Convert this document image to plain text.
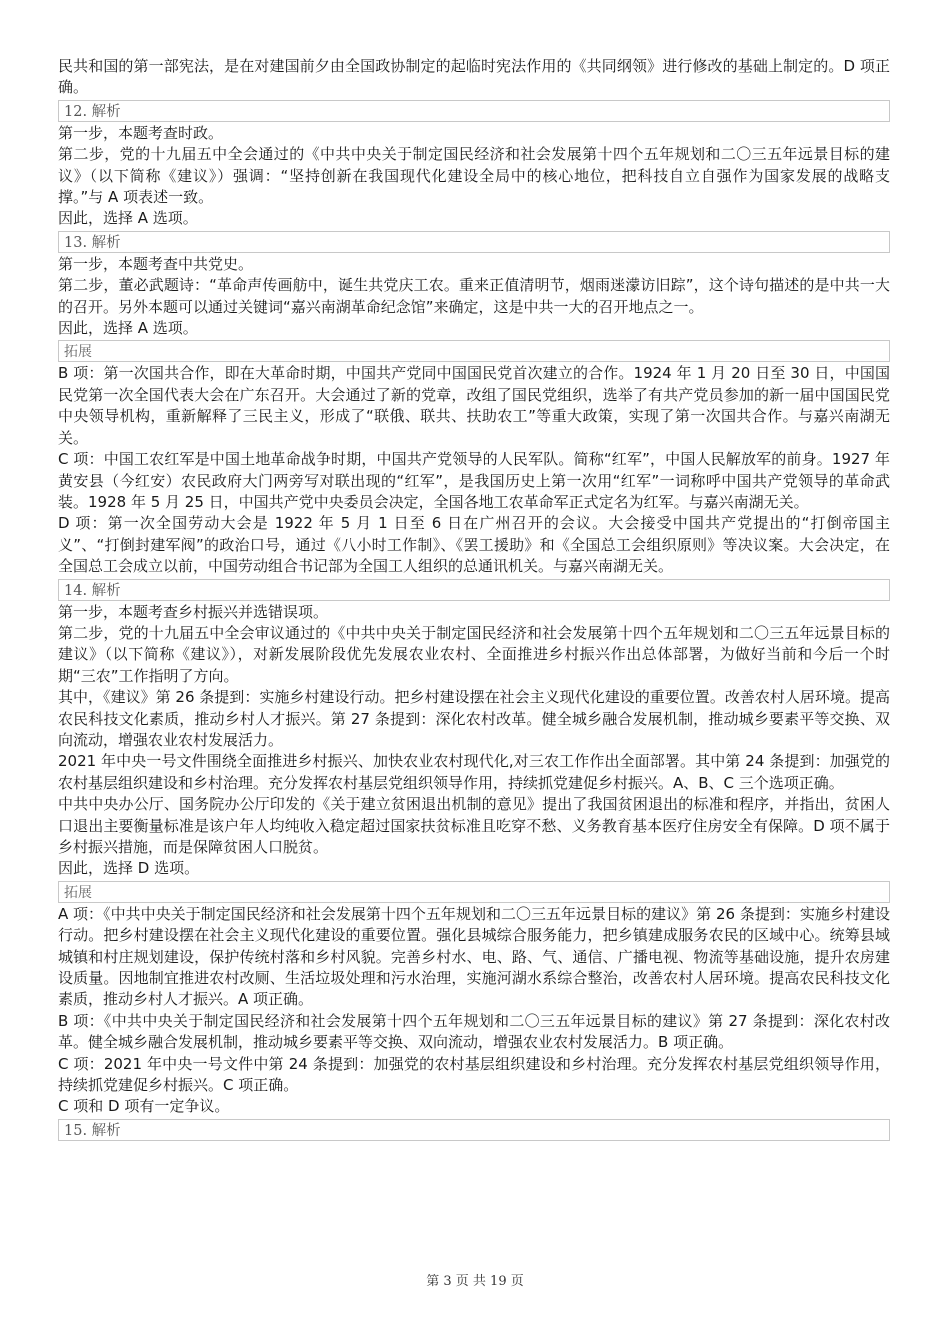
民共和国的第一部宪法，是在对建国前夕由全国政协制定的起临时宪法作用的《共同纲领》进行修改的基础上制定的。D 项正确。

12. 解析

第一步，本题考查时政。

第二步，党的十九届五中全会通过的《中共中央关于制定国民经济和社会发展第十四个五年规划和二〇三五年远景目标的建议》（以下简称《建议》）强调：“坚持创新在我国现代化建设全局中的核心地位，把科技自立自强作为国家发展的战略支撑。”与 A 项表述一致。

因此，选择 A 选项。

13. 解析

第一步，本题考查中共党史。

第二步，董必武题诗：“革命声传画舫中，诞生共党庆工农。重来正值清明节，烟雨迷濛访旧踪”，这个诗句描述的是中共一大的召开。另外本题可以通过关键词“嘉兴南湖革命纪念馆”来确定，这是中共一大的召开地点之一。

因此，选择 A 选项。

拓展

B 项：第一次国共合作，即在大革命时期，中国共产党同中国国民党首次建立的合作。1924 年 1 月 20 日至 30 日，中国国民党第一次全国代表大会在广东召开。大会通过了新的党章，改组了国民党组织，选举了有共产党员参加的新一届中国国民党中央领导机构，重新解释了三民主义，形成了“联俄、联共、扶助农工”等重大政策，实现了第一次国共合作。与嘉兴南湖无关。

C 项：中国工农红军是中国土地革命战争时期，中国共产党领导的人民军队。简称“红军”，中国人民解放军的前身。1927 年黄安县（今红安）农民政府大门两旁写对联出现的“红军”，是我国历史上第一次用“红军”一词称呼中国共产党领导的革命武装。1928 年 5 月 25 日，中国共产党中央委员会决定，全国各地工农革命军正式定名为红军。与嘉兴南湖无关。

D 项：第一次全国劳动大会是 1922 年 5 月 1 日至 6 日在广州召开的会议。大会接受中国共产党提出的“打倒帝国主义”、“打倒封建军阀”的政治口号，通过《八小时工作制》、《罢工援助》和《全国总工会组织原则》等决议案。大会决定，在全国总工会成立以前，中国劳动组合书记部为全国工人组织的总通讯机关。与嘉兴南湖无关。

14. 解析

第一步，本题考查乡村振兴并选错误项。

第二步，党的十九届五中全会审议通过的《中共中央关于制定国民经济和社会发展第十四个五年规划和二〇三五年远景目标的建议》（以下简称《建议》），对新发展阶段优先发展农业农村、全面推进乡村振兴作出总体部署，为做好当前和今后一个时期“三农”工作指明了方向。

其中，《建议》第 26 条提到：实施乡村建设行动。把乡村建设摆在社会主义现代化建设的重要位置。改善农村人居环境。提高农民科技文化素质，推动乡村人才振兴。第 27 条提到：深化农村改革。健全城乡融合发展机制，推动城乡要素平等交换、双向流动，增强农业农村发展活力。

2021 年中央一号文件围绕全面推进乡村振兴、加快农业农村现代化,对三农工作作出全面部署。其中第 24 条提到：加强党的农村基层组织建设和乡村治理。充分发挥农村基层党组织领导作用，持续抓党建促乡村振兴。A、B、C 三个选项正确。

中共中央办公厅、国务院办公厅印发的《关于建立贫困退出机制的意见》提出了我国贫困退出的标准和程序，并指出，贫困人口退出主要衡量标准是该户年人均纯收入稳定超过国家扶贫标准且吃穿不愁、义务教育基本医疗住房安全有保障。D 项不属于乡村振兴措施，而是保障贫困人口脱贫。

因此，选择 D 选项。

拓展

A 项：《中共中央关于制定国民经济和社会发展第十四个五年规划和二〇三五年远景目标的建议》第 26 条提到：实施乡村建设行动。把乡村建设摆在社会主义现代化建设的重要位置。强化县城综合服务能力，把乡镇建成服务农民的区域中心。统筹县域城镇和村庄规划建设，保护传统村落和乡村风貌。完善乡村水、电、路、气、通信、广播电视、物流等基础设施，提升农房建设质量。因地制宜推进农村改厕、生活垃圾处理和污水治理，实施河湖水系综合整治，改善农村人居环境。提高农民科技文化素质，推动乡村人才振兴。A 项正确。

B 项：《中共中央关于制定国民经济和社会发展第十四个五年规划和二〇三五年远景目标的建议》第 27 条提到：深化农村改革。健全城乡融合发展机制，推动城乡要素平等交换、双向流动，增强农业农村发展活力。B 项正确。

C 项：2021 年中央一号文件中第 24 条提到：加强党的农村基层组织建设和乡村治理。充分发挥农村基层党组织领导作用，持续抓党建促乡村振兴。C 项正确。

C 项和 D 项有一定争议。

15. 解析
第 3 页 共 19 页
